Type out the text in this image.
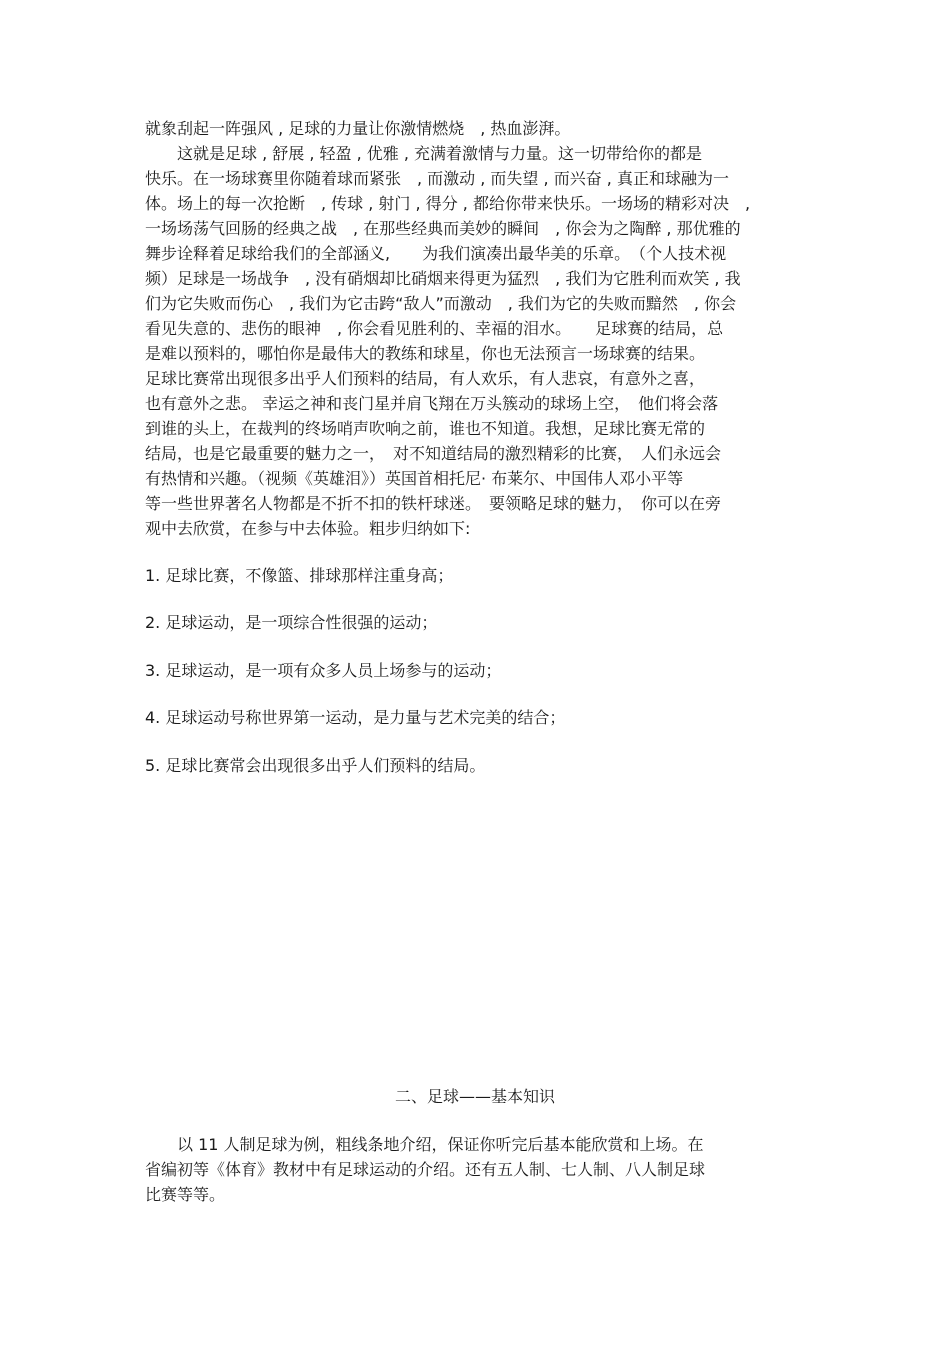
就象刮起一阵强风 , 足球的力量让你激情燃烧　, 热血澎湃。
　　这就是足球 , 舒展 , 轻盈 , 优雅 , 充满着激情与力量。这一切带给你的都是
快乐。在一场球赛里你随着球而紧张　, 而激动 , 而失望 , 而兴奋 , 真正和球融为一
体。场上的每一次抢断　, 传球 , 射门 , 得分 , 都给你带来快乐。一场场的精彩对决　,
一场场荡气回肠的经典之战　, 在那些经典而美妙的瞬间　, 你会为之陶醉 , 那优雅的
舞步诠释着足球给我们的全部涵义,　　为我们演凑出最华美的乐章。　（个人技术视
频）足球是一场战争　, 没有硝烟却比硝烟来得更为猛烈　, 我们为它胜利而欢笑 , 我
们为它失败而伤心　, 我们为它击跨“敌人”而激动　, 我们为它的失败而黯然　, 你会
看见失意的、悲伤的眼神　, 你会看见胜利的、幸福的泪水。　　足球赛的结局，总
是难以预料的，哪怕你是最伟大的教练和球星，你也无法预言一场球赛的结果。
足球比赛常出现很多出乎人们预料的结局，有人欢乐，有人悲哀，有意外之喜，
也有意外之悲。 幸运之神和丧门星并肩飞翔在万头簇动的球场上空，　他们将会落
到谁的头上，在裁判的终场哨声吹响之前，谁也不知道。我想，足球比赛无常的
结局，也是它最重要的魅力之一，　对不知道结局的激烈精彩的比赛，　人们永远会
有热情和兴趣。（视频《英雄泪》）英国首相托尼· 布莱尔、中国伟人邓小平等
等一些世界著名人物都是不折不扣的铁杆球迷。　要领略足球的魅力，　你可以在旁
观中去欣赏，在参与中去体验。粗步归纳如下:
1. 足球比赛，不像篮、排球那样注重身高；
2. 足球运动，是一项综合性很强的运动；
3. 足球运动，是一项有众多人员上场参与的运动；
4. 足球运动号称世界第一运动，是力量与艺术完美的结合；
5. 足球比赛常会出现很多出乎人们预料的结局。
二、足球——基本知识
　　以 11 人制足球为例，粗线条地介绍，保证你听完后基本能欣赏和上场。在
省编初等《体育》教材中有足球运动的介绍。还有五人制、七人制、八人制足球
比赛等等。
